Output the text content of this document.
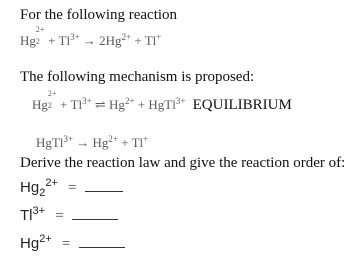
For the following reaction
Hg
2+
$2 + Tl^{3+} \to 2Hg^{2+} + Tl^+$
The following mechanism is proposed:
Hg
2+
$2 + Tl^{3+}$ ⇌ $Hg^{2+}$ + HgTl$^{3+}$ EQUILIBRIUM
HgTl$^{3+}$ → $Hg^{2+} + Tl^+$
Derive the reaction law and give the reaction order of:
$Hg_2^{2+}$ =
$Tl^{3+}$ =
$Hg^{2+}$ =
